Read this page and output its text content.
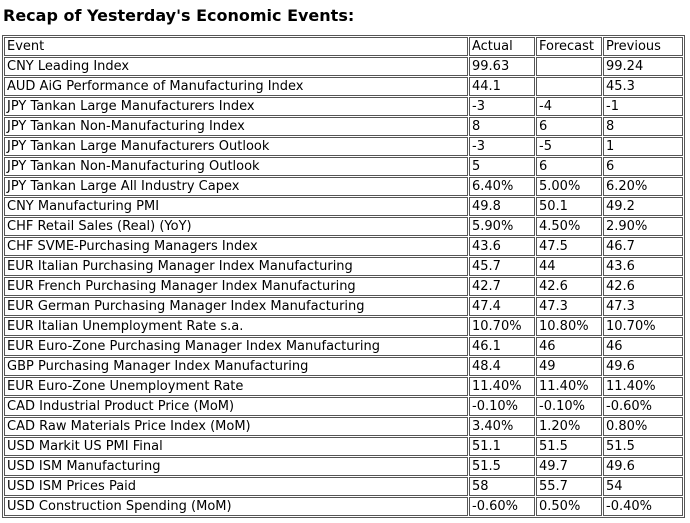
Recap of Yesterday's Economic Events:
Event	Actual	Forecast	Previous
CNY Leading Index	99.63		99.24
AUD AiG Performance of Manufacturing Index	44.1		45.3
JPY Tankan Large Manufacturers Index	-3	-4	-1
JPY Tankan Non-Manufacturing Index	8	6	8
JPY Tankan Large Manufacturers Outlook	-3	-5	1
JPY Tankan Non-Manufacturing Outlook	5	6	6
JPY Tankan Large All Industry Capex	6.40%	5.00%	6.20%
CNY Manufacturing PMI	49.8	50.1	49.2
CHF Retail Sales (Real) (YoY)	5.90%	4.50%	2.90%
CHF SVME-Purchasing Managers Index	43.6	47.5	46.7
EUR Italian Purchasing Manager Index Manufacturing	45.7	44	43.6
EUR French Purchasing Manager Index Manufacturing	42.7	42.6	42.6
EUR German Purchasing Manager Index Manufacturing	47.4	47.3	47.3
EUR Italian Unemployment Rate s.a.	10.70%	10.80%	10.70%
EUR Euro-Zone Purchasing Manager Index Manufacturing	46.1	46	46
GBP Purchasing Manager Index Manufacturing	48.4	49	49.6
EUR Euro-Zone Unemployment Rate	11.40%	11.40%	11.40%
CAD Industrial Product Price (MoM)	-0.10%	-0.10%	-0.60%
CAD Raw Materials Price Index (MoM)	3.40%	1.20%	0.80%
USD Markit US PMI Final	51.1	51.5	51.5
USD ISM Manufacturing	51.5	49.7	49.6
USD ISM Prices Paid	58	55.7	54
USD Construction Spending (MoM)	-0.60%	0.50%	-0.40%
